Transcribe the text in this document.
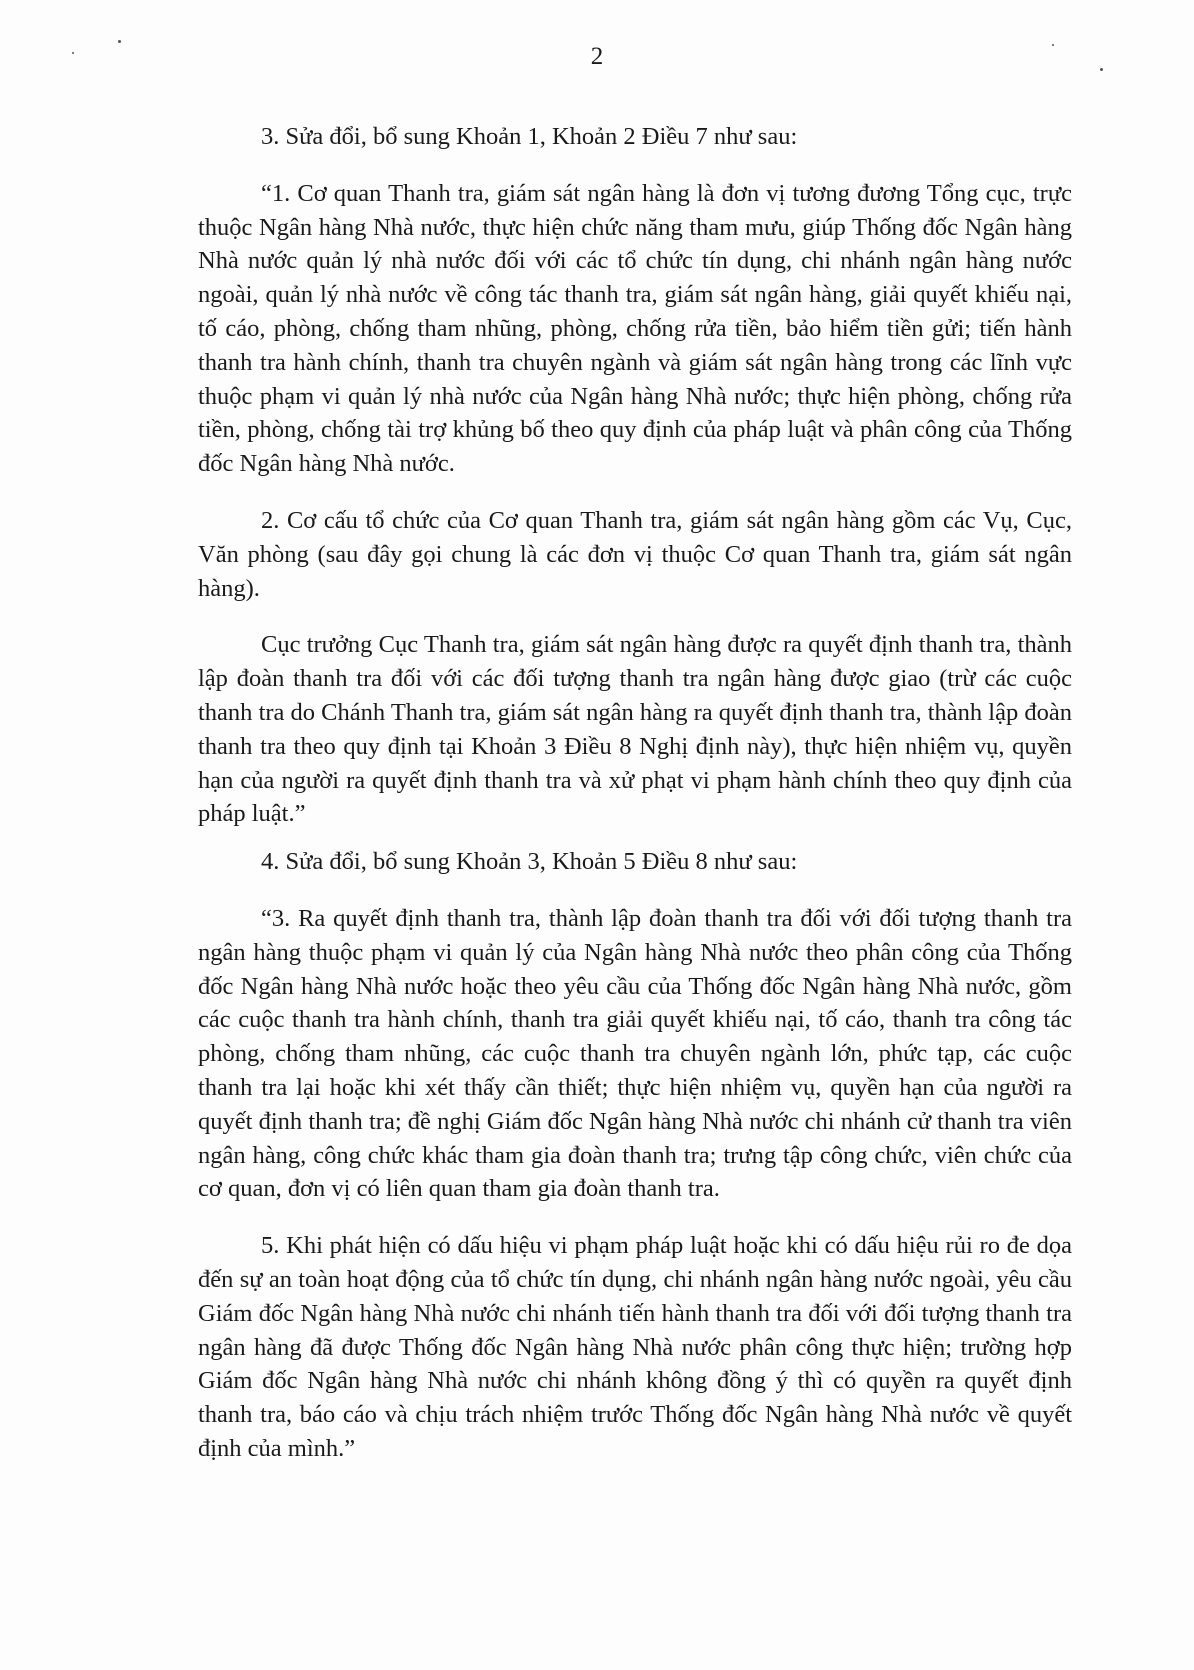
2

3. Sửa đổi, bổ sung Khoản 1, Khoản 2 Điều 7 như sau:

“1. Cơ quan Thanh tra, giám sát ngân hàng là đơn vị tương đương Tổng cục, trực thuộc Ngân hàng Nhà nước, thực hiện chức năng tham mưu, giúp Thống đốc Ngân hàng Nhà nước quản lý nhà nước đối với các tổ chức tín dụng, chi nhánh ngân hàng nước ngoài, quản lý nhà nước về công tác thanh tra, giám sát ngân hàng, giải quyết khiếu nại, tố cáo, phòng, chống tham nhũng, phòng, chống rửa tiền, bảo hiểm tiền gửi; tiến hành thanh tra hành chính, thanh tra chuyên ngành và giám sát ngân hàng trong các lĩnh vực thuộc phạm vi quản lý nhà nước của Ngân hàng Nhà nước; thực hiện phòng, chống rửa tiền, phòng, chống tài trợ khủng bố theo quy định của pháp luật và phân công của Thống đốc Ngân hàng Nhà nước.

2. Cơ cấu tổ chức của Cơ quan Thanh tra, giám sát ngân hàng gồm các Vụ, Cục, Văn phòng (sau đây gọi chung là các đơn vị thuộc Cơ quan Thanh tra, giám sát ngân hàng).

Cục trưởng Cục Thanh tra, giám sát ngân hàng được ra quyết định thanh tra, thành lập đoàn thanh tra đối với các đối tượng thanh tra ngân hàng được giao (trừ các cuộc thanh tra do Chánh Thanh tra, giám sát ngân hàng ra quyết định thanh tra, thành lập đoàn thanh tra theo quy định tại Khoản 3 Điều 8 Nghị định này), thực hiện nhiệm vụ, quyền hạn của người ra quyết định thanh tra và xử phạt vi phạm hành chính theo quy định của pháp luật.”

4. Sửa đổi, bổ sung Khoản 3, Khoản 5 Điều 8 như sau:

“3. Ra quyết định thanh tra, thành lập đoàn thanh tra đối với đối tượng thanh tra ngân hàng thuộc phạm vi quản lý của Ngân hàng Nhà nước theo phân công của Thống đốc Ngân hàng Nhà nước hoặc theo yêu cầu của Thống đốc Ngân hàng Nhà nước, gồm các cuộc thanh tra hành chính, thanh tra giải quyết khiếu nại, tố cáo, thanh tra công tác phòng, chống tham nhũng, các cuộc thanh tra chuyên ngành lớn, phức tạp, các cuộc thanh tra lại hoặc khi xét thấy cần thiết; thực hiện nhiệm vụ, quyền hạn của người ra quyết định thanh tra; đề nghị Giám đốc Ngân hàng Nhà nước chi nhánh cử thanh tra viên ngân hàng, công chức khác tham gia đoàn thanh tra; trưng tập công chức, viên chức của cơ quan, đơn vị có liên quan tham gia đoàn thanh tra.

5. Khi phát hiện có dấu hiệu vi phạm pháp luật hoặc khi có dấu hiệu rủi ro đe dọa đến sự an toàn hoạt động của tổ chức tín dụng, chi nhánh ngân hàng nước ngoài, yêu cầu Giám đốc Ngân hàng Nhà nước chi nhánh tiến hành thanh tra đối với đối tượng thanh tra ngân hàng đã được Thống đốc Ngân hàng Nhà nước phân công thực hiện; trường hợp Giám đốc Ngân hàng Nhà nước chi nhánh không đồng ý thì có quyền ra quyết định thanh tra, báo cáo và chịu trách nhiệm trước Thống đốc Ngân hàng Nhà nước về quyết định của mình.”
